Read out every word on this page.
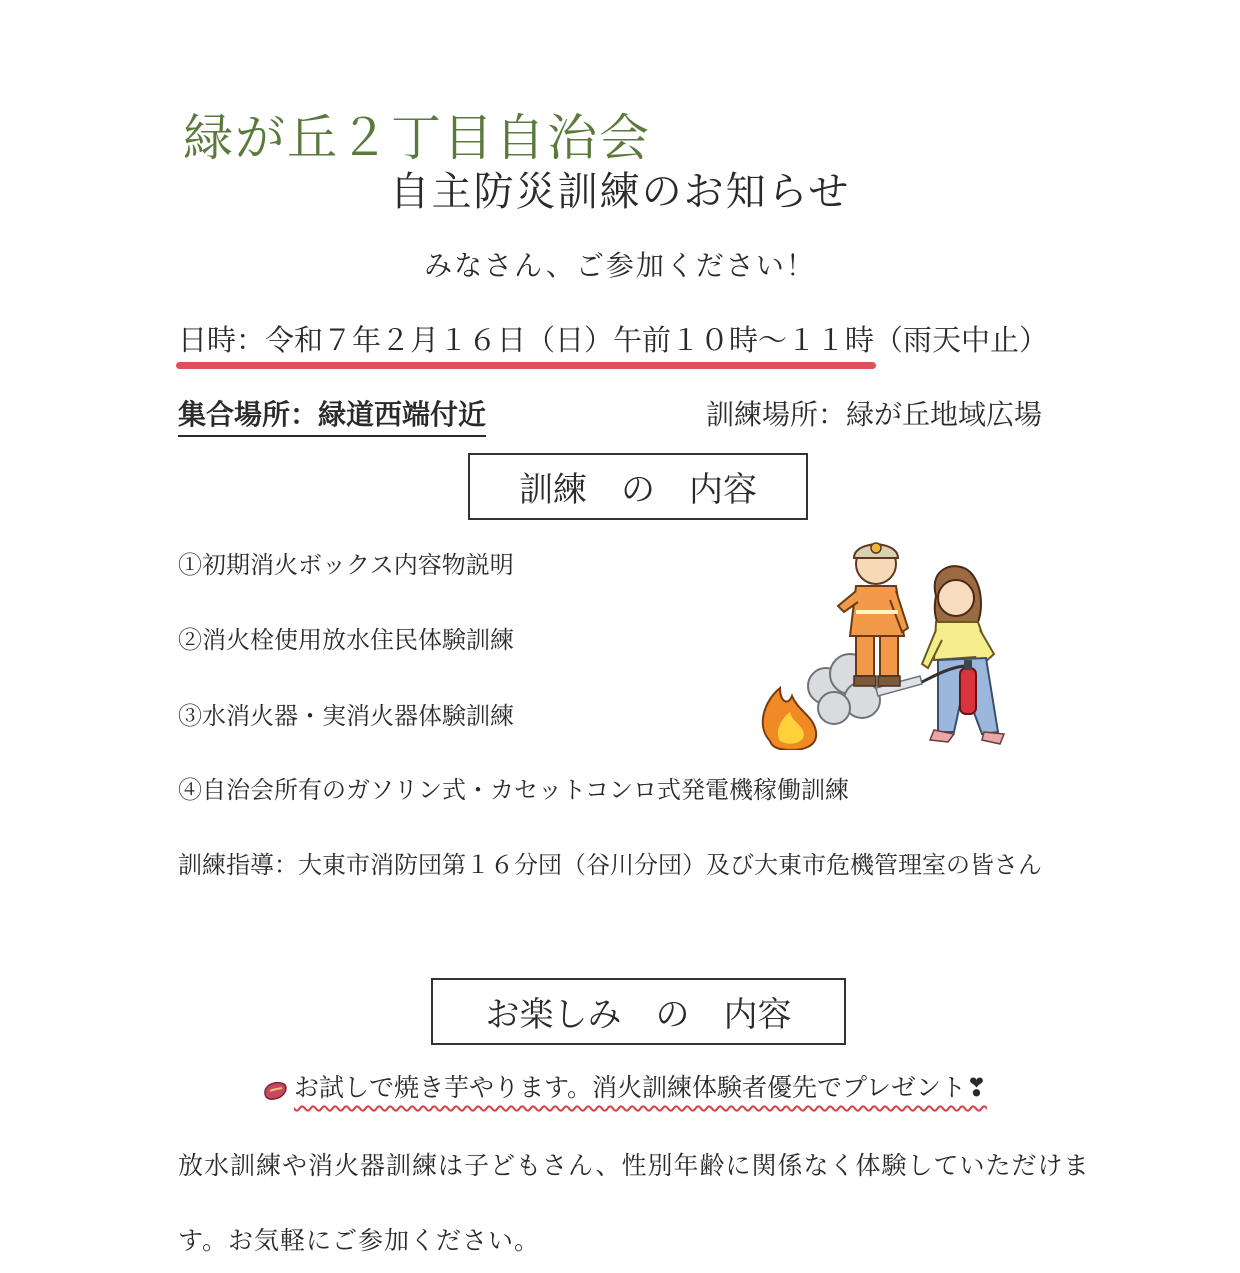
緑が丘２丁目自治会
自主防災訓練のお知らせ
みなさん、ご参加ください！
日時：令和７年２月１６日（日）午前１０時～１１時（雨天中止）
集合場所：緑道西端付近	訓練場所：緑が丘地域広場
訓練　の　内容
①初期消火ボックス内容物説明
②消火栓使用放水住民体験訓練
③水消火器・実消火器体験訓練
④自治会所有のガソリン式・カセットコンロ式発電機稼働訓練
訓練指導：大東市消防団第１６分団（谷川分団）及び大東市危機管理室の皆さん
お楽しみ　の　内容
お試しで焼き芋やります。消火訓練体験者優先でプレゼント❣
放水訓練や消火器訓練は子どもさん、性別年齢に関係なく体験していただけま
す。お気軽にご参加ください。
